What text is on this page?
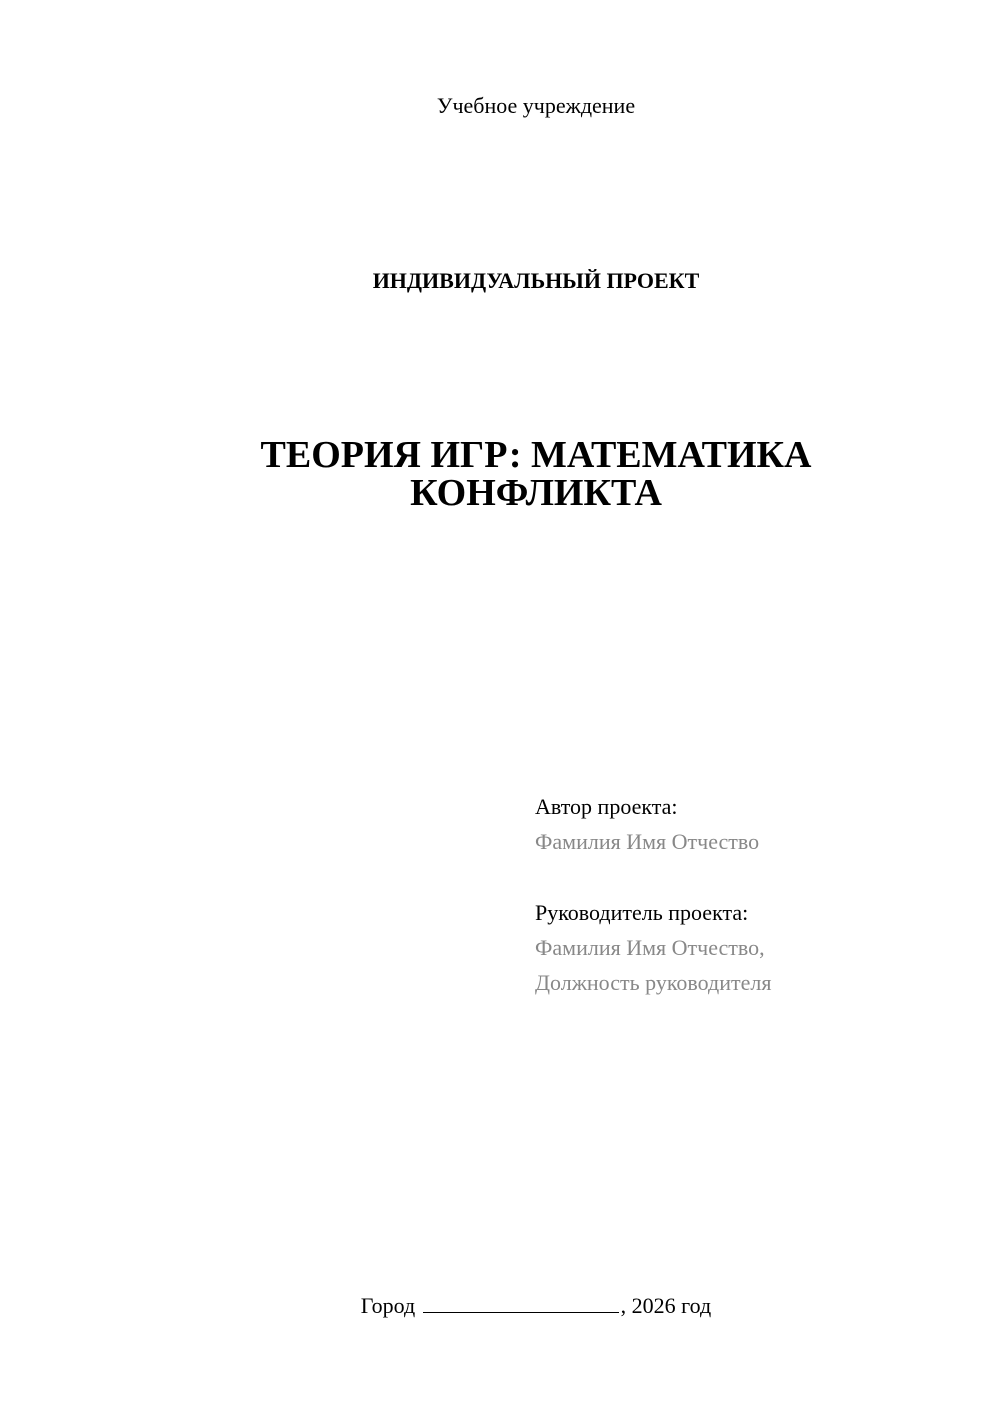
Учебное учреждение
ИНДИВИДУАЛЬНЫЙ ПРОЕКТ
ТЕОРИЯ ИГР: МАТЕМАТИКА
КОНФЛИКТА
Автор проекта:
Фамилия Имя Отчество
Руководитель проекта:
Фамилия Имя Отчество,
Должность руководителя
Город	, 2026 год
